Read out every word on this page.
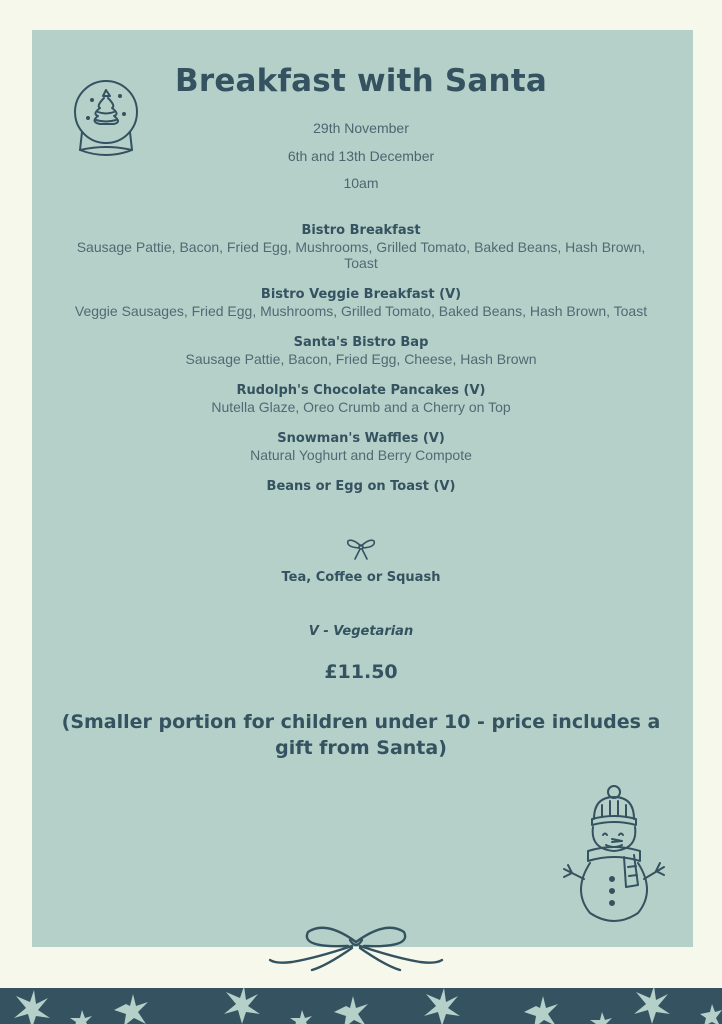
Breakfast with Santa
29th November
6th and 13th December
10am
Bistro Breakfast
Sausage Pattie, Bacon, Fried Egg, Mushrooms, Grilled Tomato, Baked Beans, Hash Brown, Toast
Bistro Veggie Breakfast (V)
Veggie Sausages, Fried Egg, Mushrooms, Grilled Tomato, Baked Beans, Hash Brown, Toast
Santa's Bistro Bap
Sausage Pattie, Bacon, Fried Egg, Cheese, Hash Brown
Rudolph's Chocolate Pancakes (V)
Nutella Glaze, Oreo Crumb and a Cherry on Top
Snowman's Waffles (V)
Natural Yoghurt and Berry Compote
Beans or Egg on Toast (V)
Tea, Coffee or Squash
V - Vegetarian
£11.50
(Smaller portion for children under 10 - price includes a gift from Santa)
